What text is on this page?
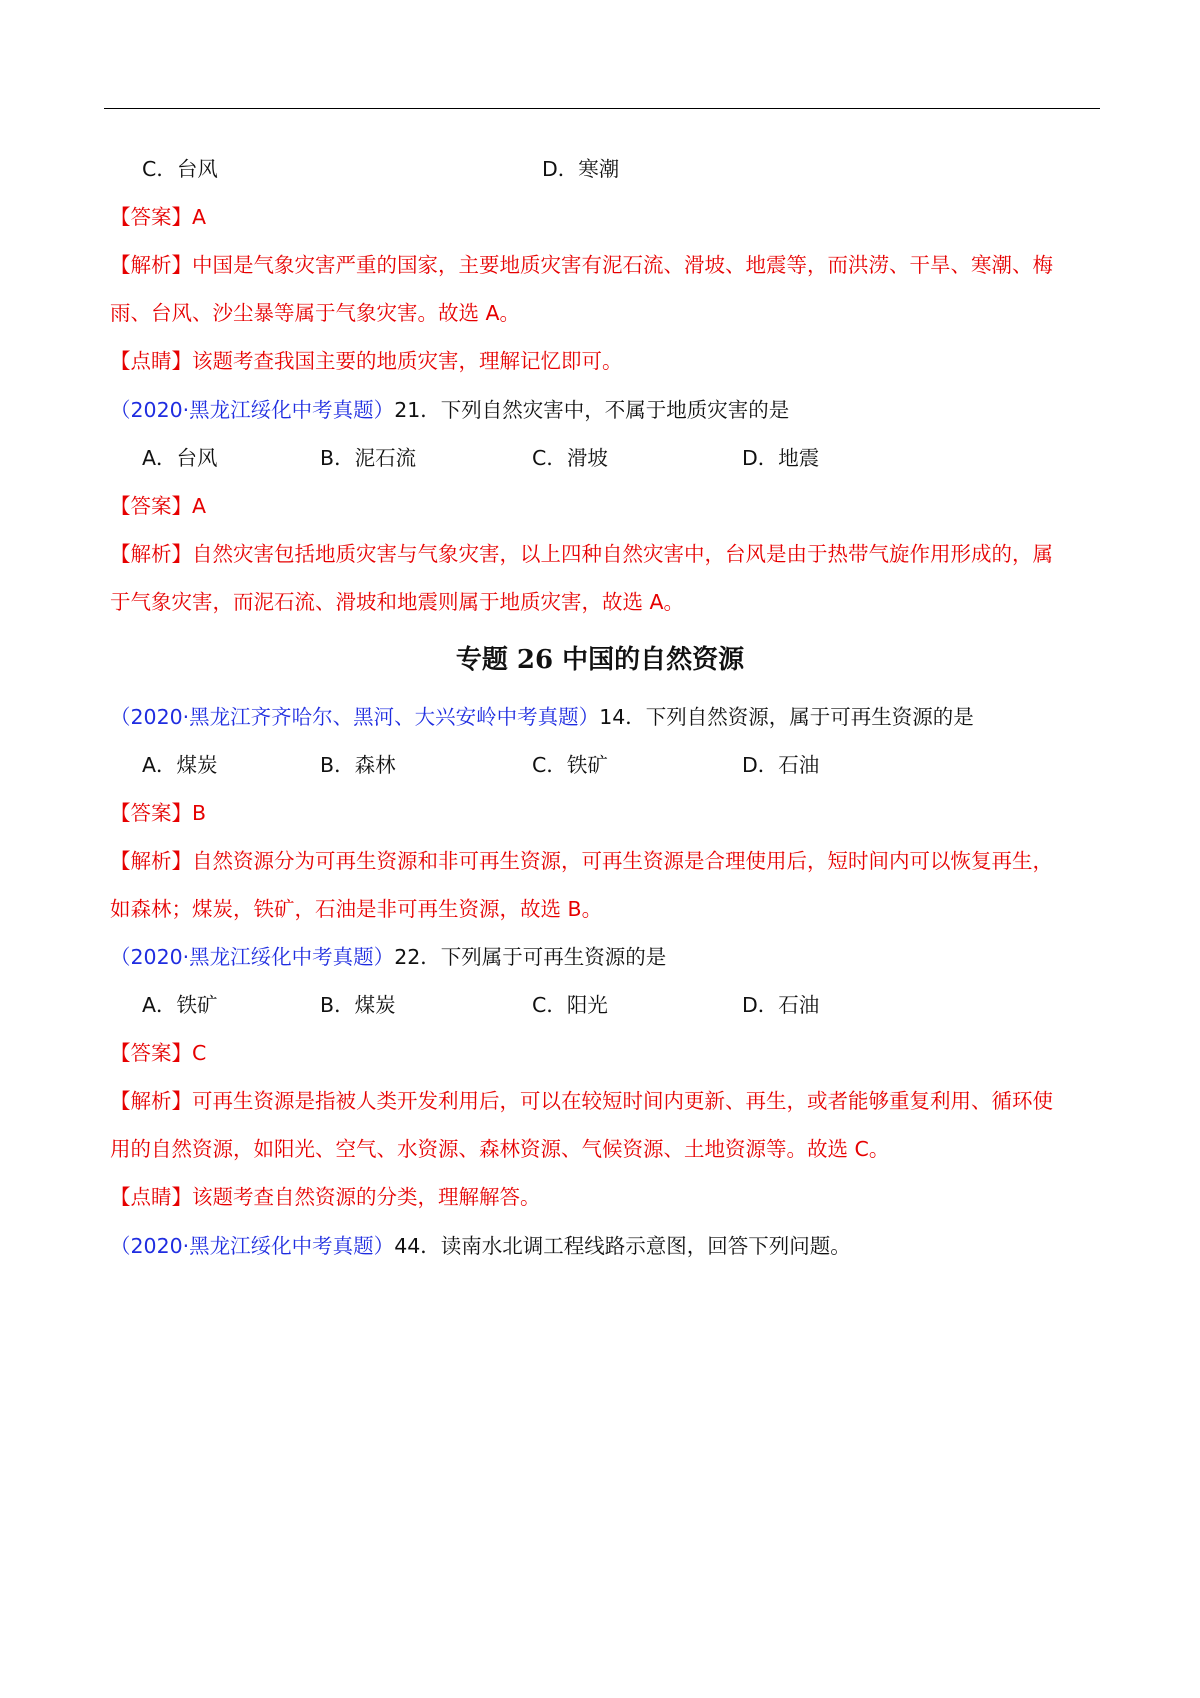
C．台风	D．寒潮
【答案】A
【解析】中国是气象灾害严重的国家，主要地质灾害有泥石流、滑坡、地震等，而洪涝、干旱、寒潮、梅
雨、台风、沙尘暴等属于气象灾害。故选 A。
【点睛】该题考查我国主要的地质灾害，理解记忆即可。
（2020·黑龙江绥化中考真题）21．下列自然灾害中，不属于地质灾害的是
A．台风	B．泥石流	C．滑坡	D．地震
【答案】A
【解析】自然灾害包括地质灾害与气象灾害，以上四种自然灾害中，台风是由于热带气旋作用形成的，属
于气象灾害，而泥石流、滑坡和地震则属于地质灾害，故选 A。
专题 26 中国的自然资源
（2020·黑龙江齐齐哈尔、黑河、大兴安岭中考真题）14．下列自然资源，属于可再生资源的是
A．煤炭	B．森林	C．铁矿	D．石油
【答案】B
【解析】自然资源分为可再生资源和非可再生资源，可再生资源是合理使用后，短时间内可以恢复再生，
如森林；煤炭，铁矿，石油是非可再生资源，故选 B。
（2020·黑龙江绥化中考真题）22．下列属于可再生资源的是
A．铁矿	B．煤炭	C．阳光	D．石油
【答案】C
【解析】可再生资源是指被人类开发利用后，可以在较短时间内更新、再生，或者能够重复利用、循环使
用的自然资源，如阳光、空气、水资源、森林资源、气候资源、土地资源等。故选 C。
【点睛】该题考查自然资源的分类，理解解答。
（2020·黑龙江绥化中考真题）44．读南水北调工程线路示意图，回答下列问题。
